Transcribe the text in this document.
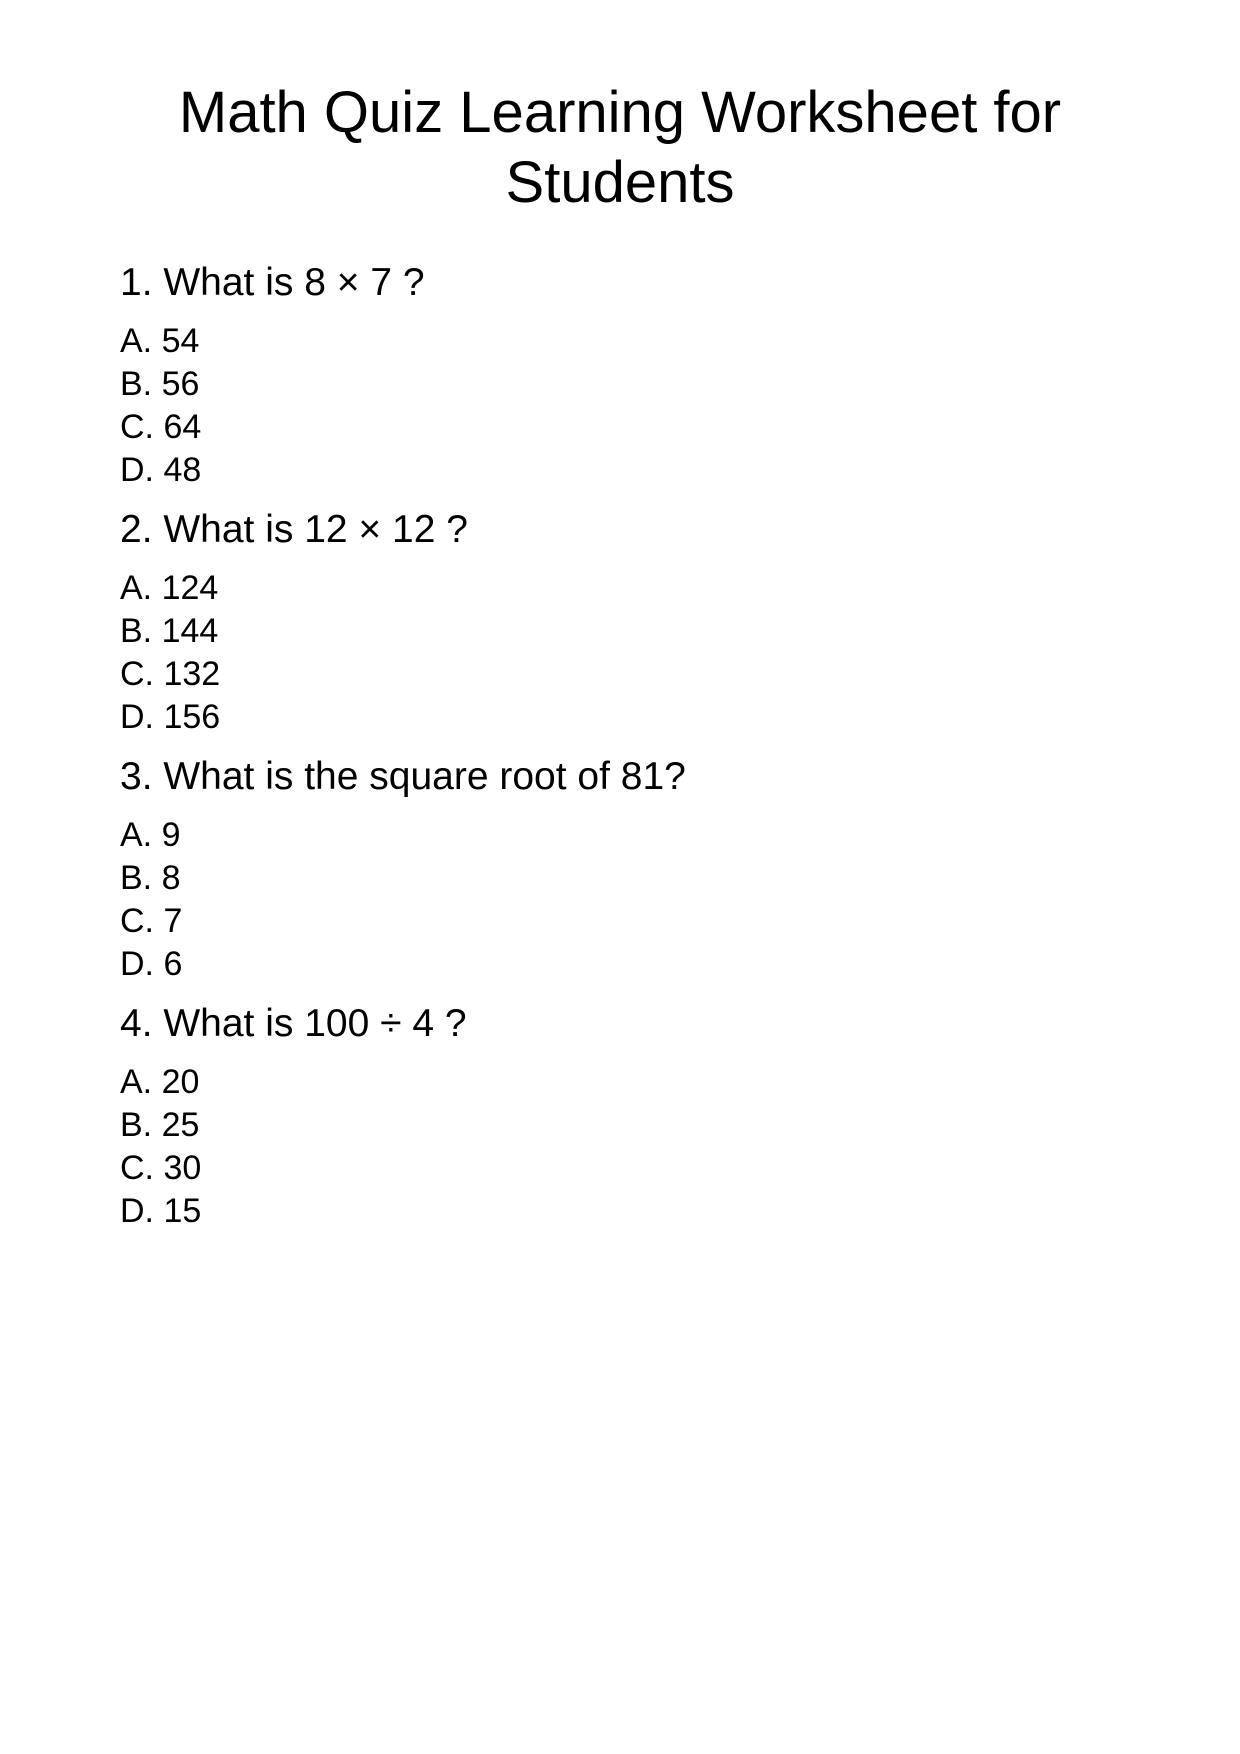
Math Quiz Learning Worksheet for Students

1. What is 8 × 7 ?

A. 54
B. 56
C. 64
D. 48

2. What is 12 × 12 ?

A. 124
B. 144
C. 132
D. 156

3. What is the square root of 81?

A. 9
B. 8
C. 7
D. 6

4. What is 100 ÷ 4 ?

A. 20
B. 25
C. 30
D. 15
